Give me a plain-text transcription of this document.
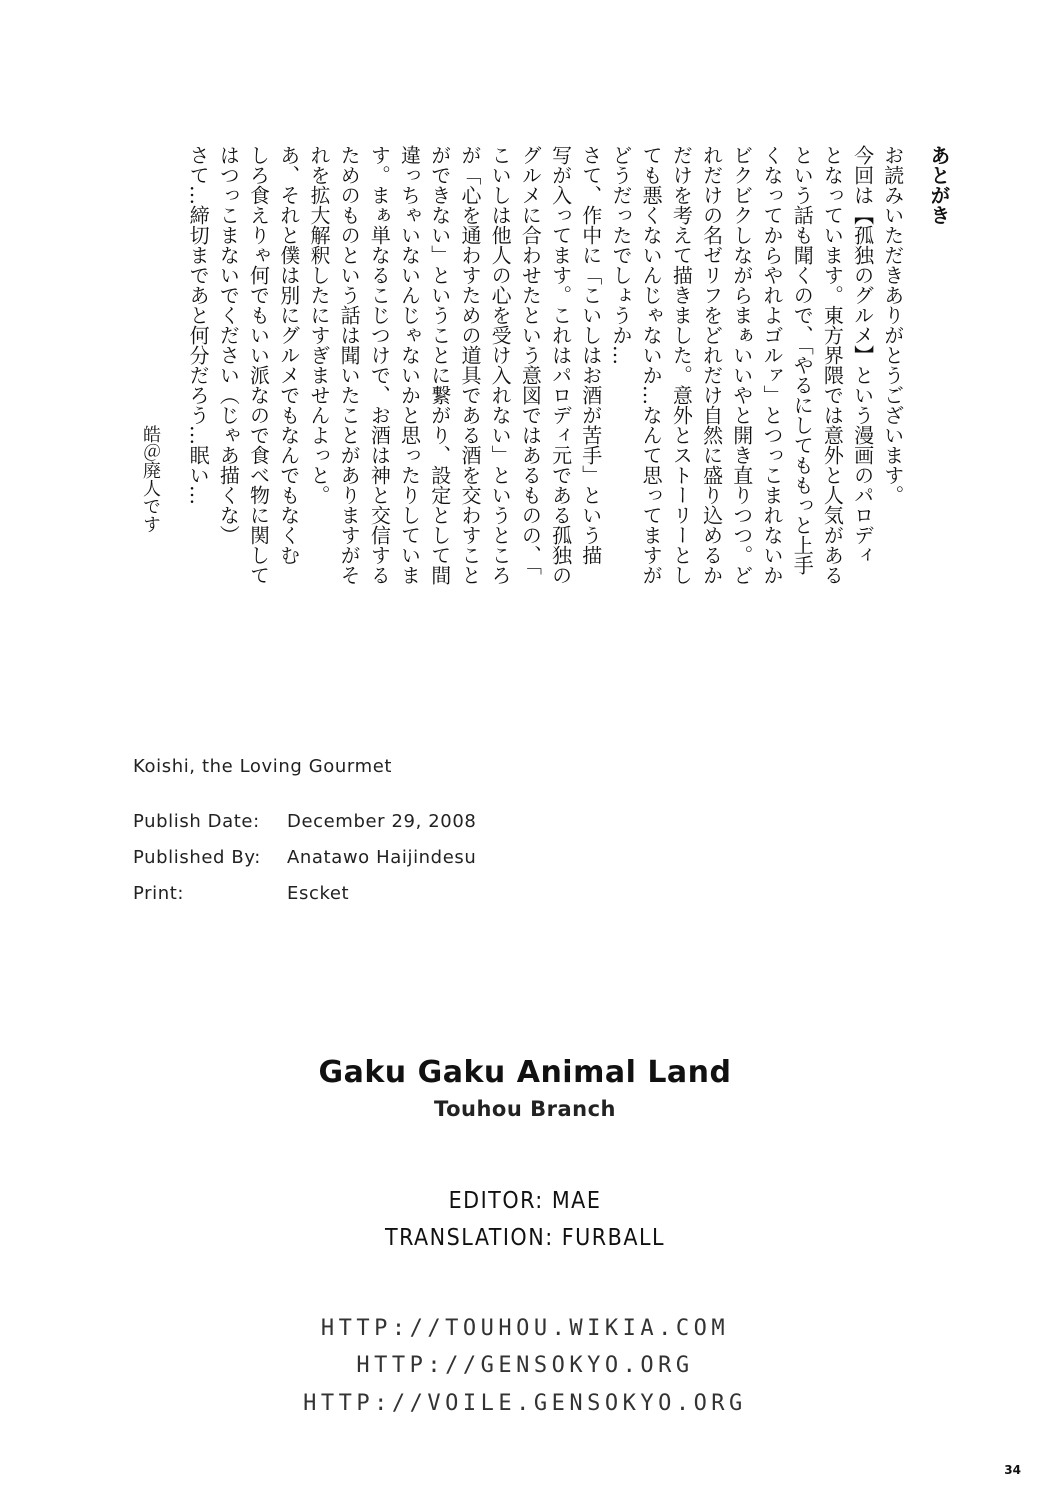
あとがき
お読みいただきありがとうございます。
今回は【孤独のグルメ】という漫画のパロディ
となっています。東方界隈では意外と人気がある
という話も聞くので、「やるにしてももっと上手
くなってからやれよゴルァ」とつっこまれないか
ビクビクしながらまぁいいやと開き直りつつ。ど
れだけの名ゼリフをどれだけ自然に盛り込めるか
だけを考えて描きました。意外とストーリーとし
ても悪くないんじゃないか…なんて思ってますが
どうだったでしょうか…
さて、作中に「こいしはお酒が苦手」という描
写が入ってます。これはパロディ元である孤独の
グルメに合わせたという意図ではあるものの、「
こいしは他人の心を受け入れない」というところ
が「心を通わすための道具である酒を交わすこと
ができない」ということに繋がり、設定として間
違っちゃいないんじゃないかと思ったりしていま
す。まぁ単なるこじつけで、お酒は神と交信する
ためのものという話は聞いたことがありますがそ
れを拡大解釈したにすぎませんよっと。
あ、それと僕は別にグルメでもなんでもなくむ
しろ食えりゃ何でもいい派なので食べ物に関して
はつっこまないでください（じゃあ描くな）
さて…締切まであと何分だろう…眠い…
皓＠廃人です
Koishi, the Loving Gourmet
Publish Date:	December 29, 2008
Published By:	Anatawo Haijindesu
Print:	Escket
Gaku Gaku Animal Land
Touhou Branch
EDITOR: MAE
TRANSLATION: FURBALL
HTTP://TOUHOU.WIKIA.COM
HTTP://GENSOKYO.ORG
HTTP://VOILE.GENSOKYO.ORG
34
